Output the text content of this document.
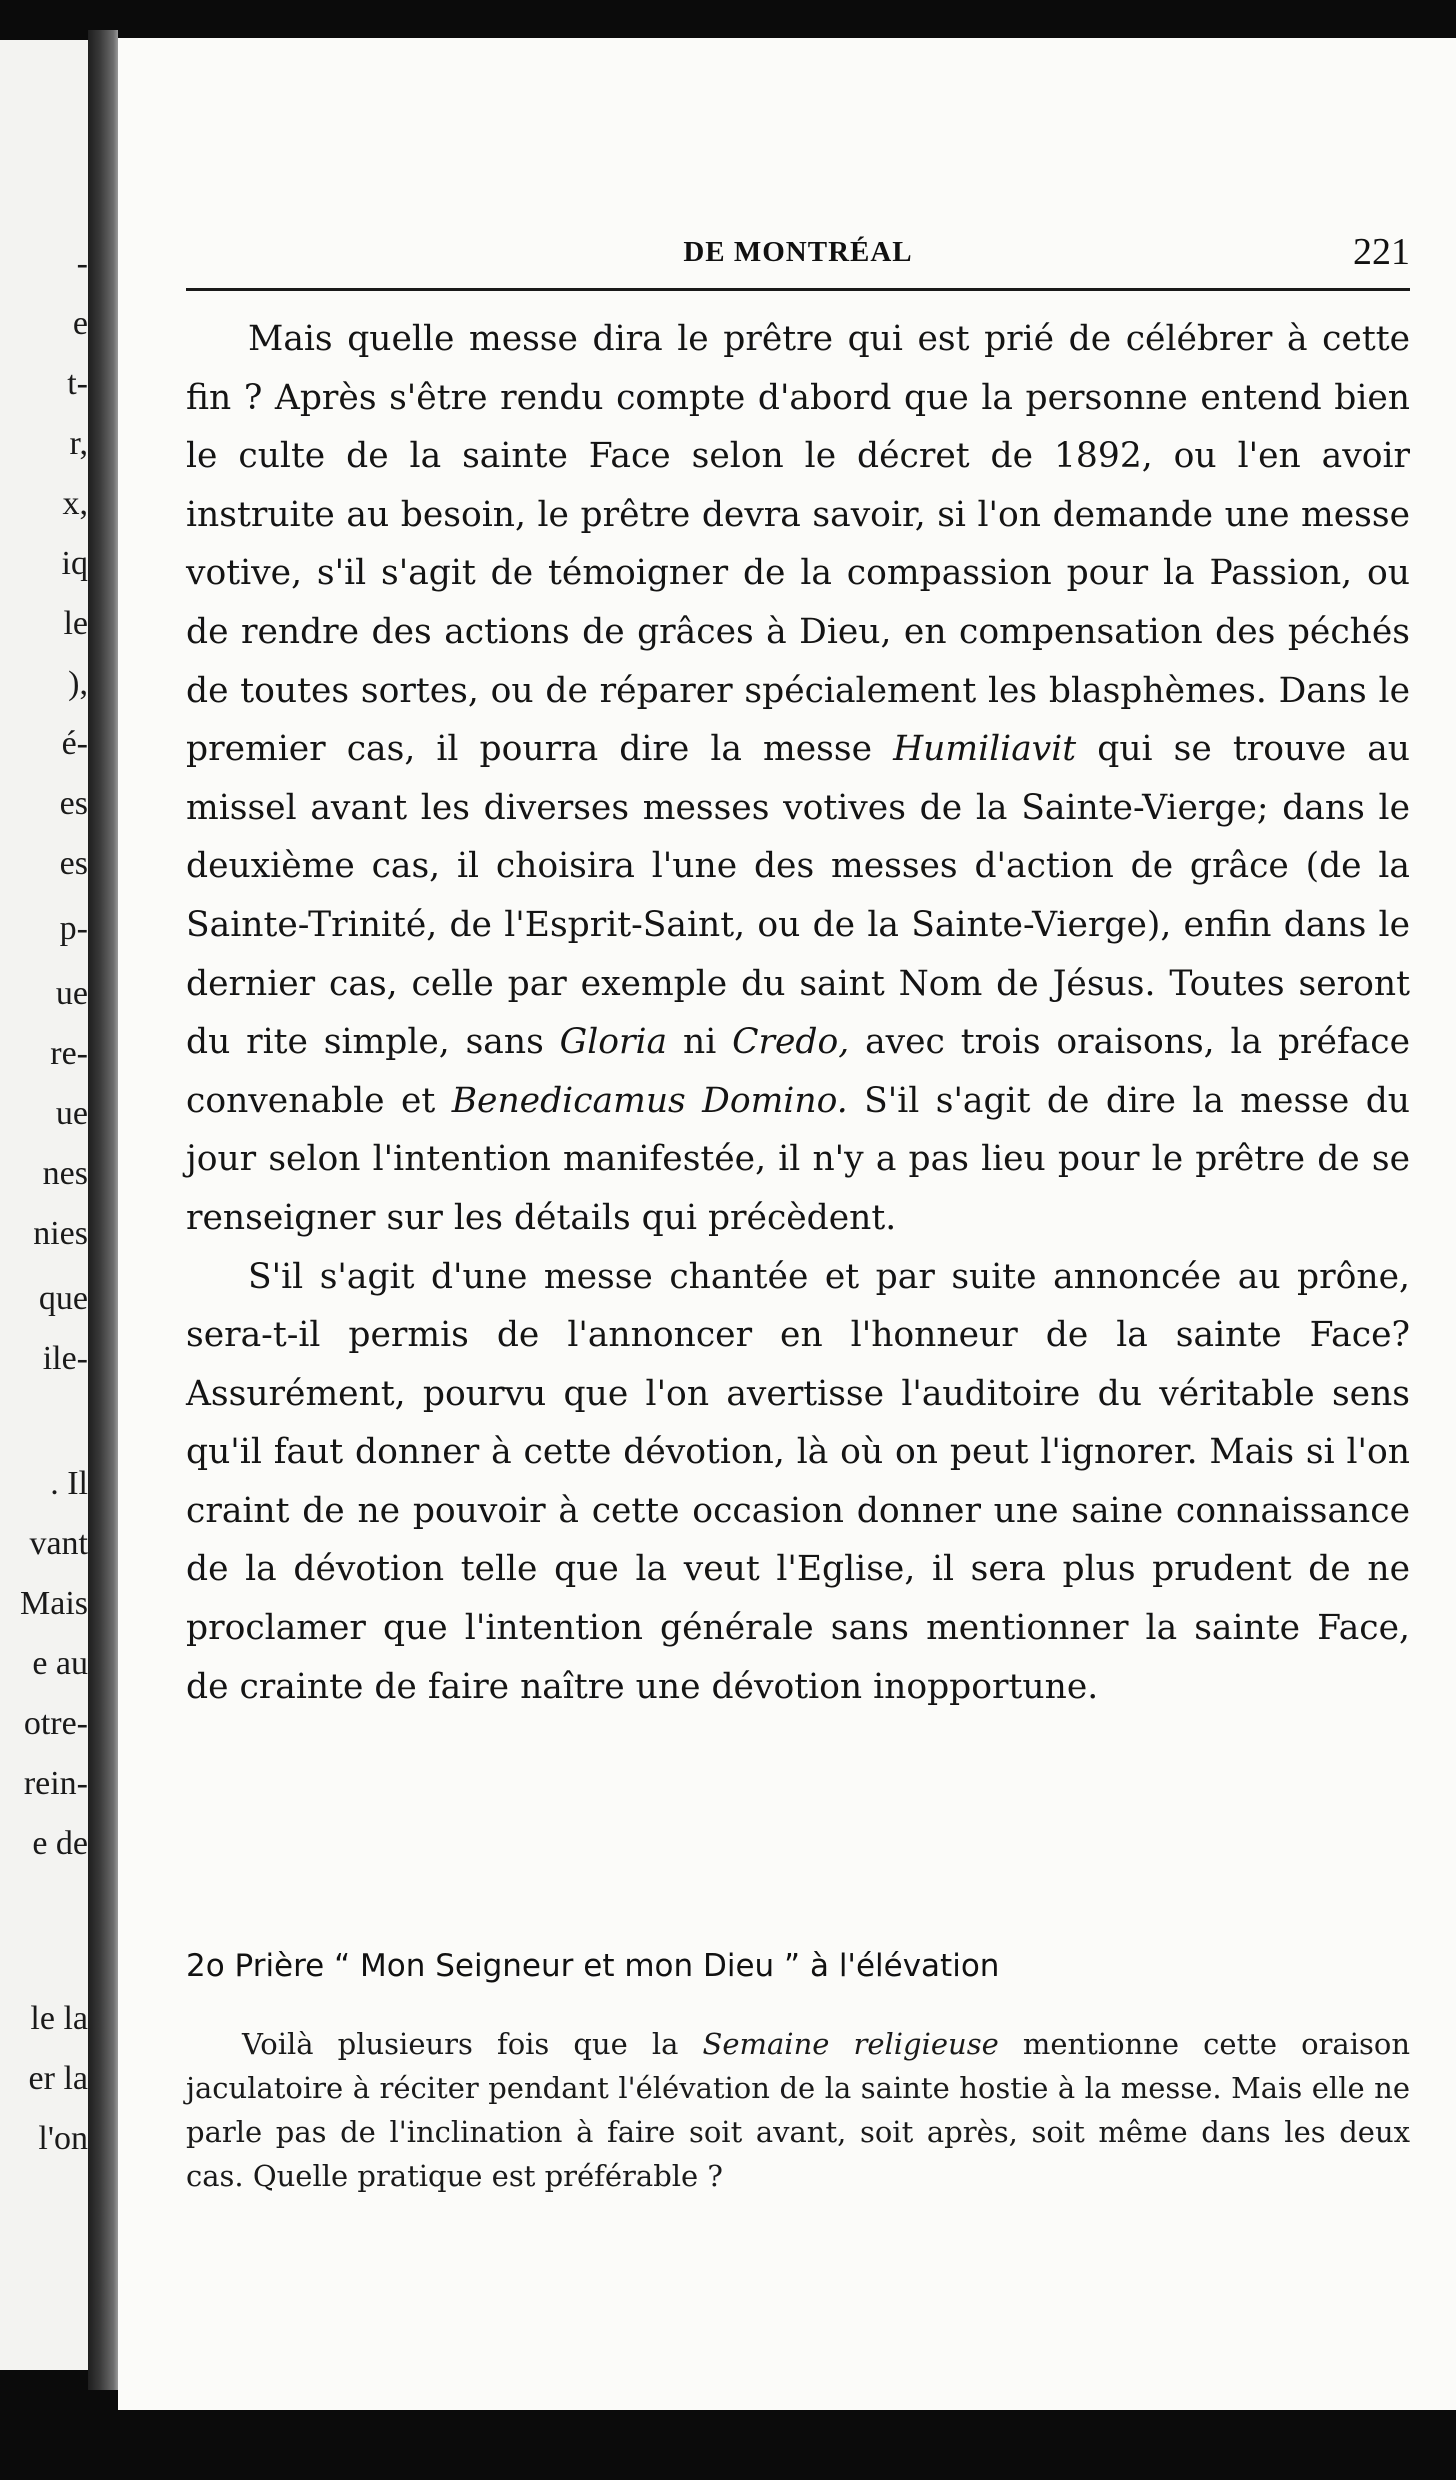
-
e
t-
r,
x,
iq
le
),
é-
es
es
p-
ue
re-
ue
nes
nies
que
ile-
. Il
vant
Mais
e au
otre-
rein-
e de
le la
er la
l'on
DE MONTRÉAL	221

Mais quelle messe dira le prêtre qui est prié de célébrer à cette fin ? Après s'être rendu compte d'abord que la personne entend bien le culte de la sainte Face selon le décret de 1892, ou l'en avoir instruite au besoin, le prêtre devra savoir, si l'on demande une messe votive, s'il s'agit de témoigner de la compassion pour la Passion, ou de rendre des actions de grâces à Dieu, en compensation des péchés de toutes sortes, ou de réparer spécialement les blasphèmes. Dans le premier cas, il pourra dire la messe Humiliavit qui se trouve au missel avant les diverses messes votives de la Sainte-Vierge; dans le deuxième cas, il choisira l'une des messes d'action de grâce (de la Sainte-Trinité, de l'Esprit-Saint, ou de la Sainte-Vierge), enfin dans le dernier cas, celle par exemple du saint Nom de Jésus. Toutes seront du rite simple, sans Gloria ni Credo, avec trois oraisons, la préface convenable et Benedicamus Domino. S'il s'agit de dire la messe du jour selon l'intention manifestée, il n'y a pas lieu pour le prêtre de se renseigner sur les détails qui précèdent.

S'il s'agit d'une messe chantée et par suite annoncée au prône, sera-t-il permis de l'annoncer en l'honneur de la sainte Face? Assurément, pourvu que l'on avertisse l'auditoire du véritable sens qu'il faut donner à cette dévotion, là où on peut l'ignorer. Mais si l'on craint de ne pouvoir à cette occasion donner une saine connaissance de la dévotion telle que la veut l'Eglise, il sera plus prudent de ne proclamer que l'intention générale sans mentionner la sainte Face, de crainte de faire naître une dévotion inopportune.

2o Prière “ Mon Seigneur et mon Dieu ” à l'élévation

Voilà plusieurs fois que la Semaine religieuse mentionne cette oraison jaculatoire à réciter pendant l'élévation de la sainte hostie à la messe. Mais elle ne parle pas de l'inclination à faire soit avant, soit après, soit même dans les deux cas. Quelle pratique est préférable ?
